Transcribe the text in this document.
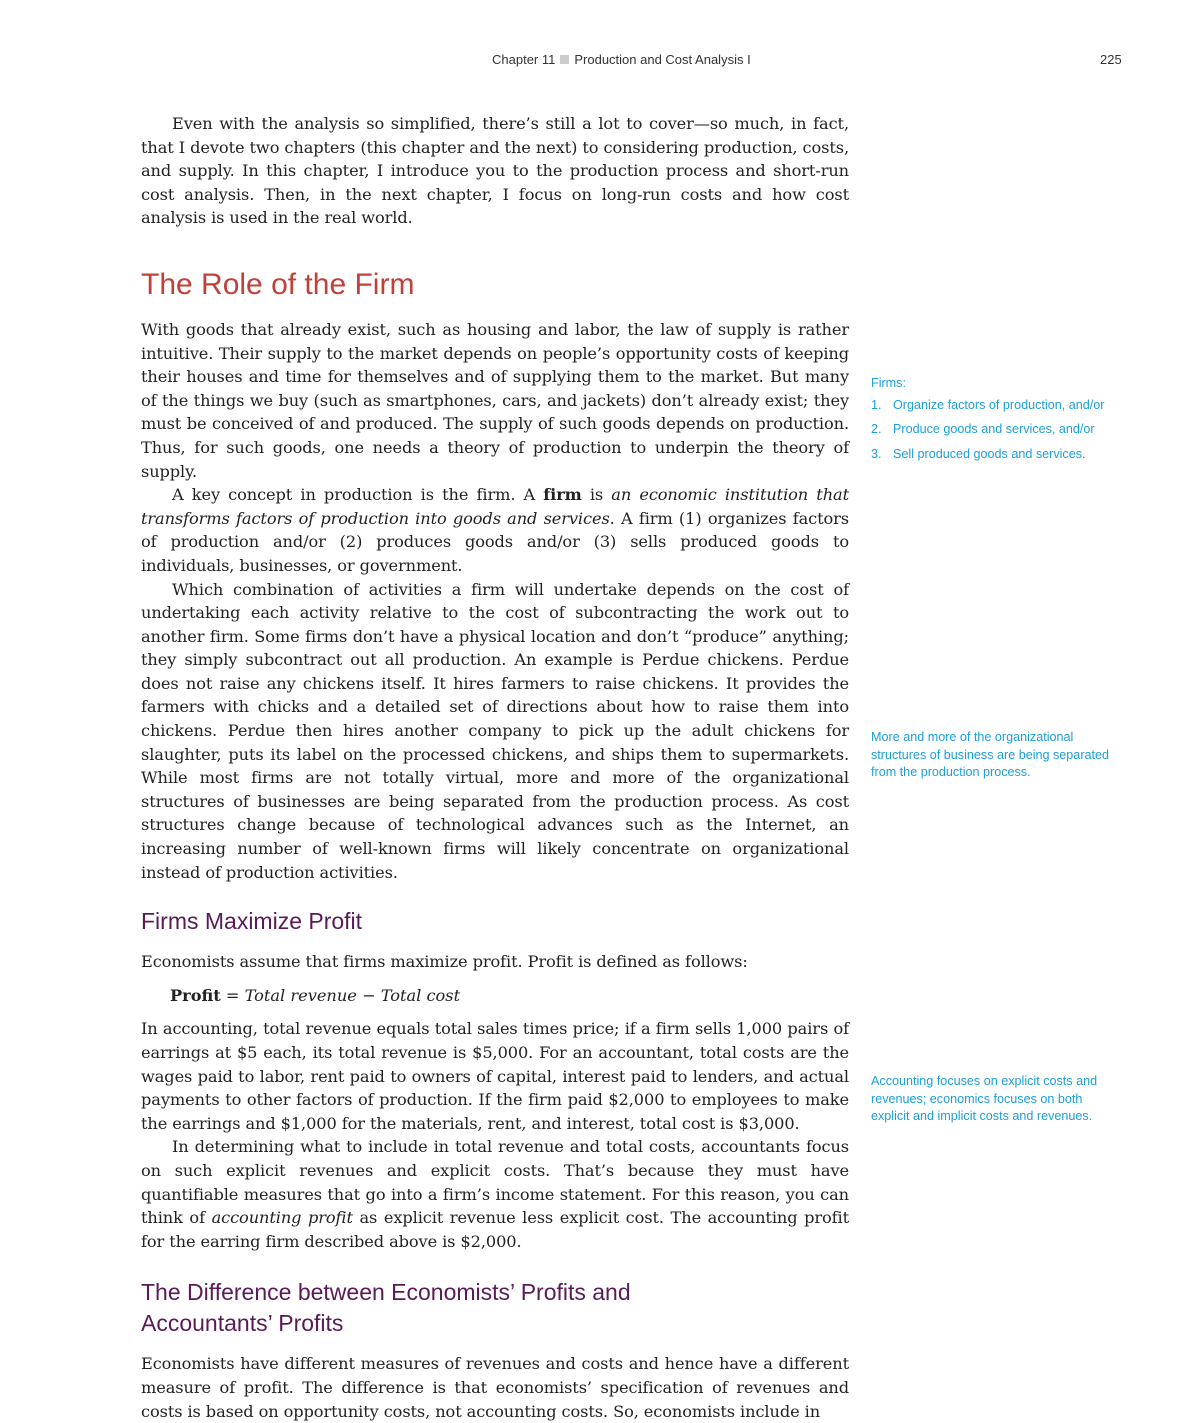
Chapter 11 Production and Cost Analysis I	225

Even with the analysis so simplified, there’s still a lot to cover—so much, in fact, that I devote two chapters (this chapter and the next) to considering production, costs, and supply. In this chapter, I introduce you to the production process and short-run cost analysis. Then, in the next chapter, I focus on long-run costs and how cost analysis is used in the real world.

The Role of the Firm

With goods that already exist, such as housing and labor, the law of supply is rather intuitive. Their supply to the market depends on people’s opportunity costs of keeping their houses and time for themselves and of supplying them to the market. But many of the things we buy (such as smartphones, cars, and jackets) don’t already exist; they must be conceived of and produced. The supply of such goods depends on production. Thus, for such goods, one needs a theory of production to underpin the theory of supply.

A key concept in production is the firm. A firm is an economic institution that transforms factors of production into goods and services. A firm (1) organizes factors of production and/or (2) produces goods and/or (3) sells produced goods to individuals, businesses, or government.

Which combination of activities a firm will undertake depends on the cost of undertaking each activity relative to the cost of subcontracting the work out to another firm. Some firms don’t have a physical location and don’t “produce” anything; they simply subcontract out all production. An example is Perdue chickens. Perdue does not raise any chickens itself. It hires farmers to raise chickens. It provides the farmers with chicks and a detailed set of directions about how to raise them into chickens. Perdue then hires another company to pick up the adult chickens for slaughter, puts its label on the processed chickens, and ships them to supermarkets. While most firms are not totally virtual, more and more of the organizational structures of businesses are being separated from the production process. As cost structures change because of technological advances such as the Internet, an increasing number of well-known firms will likely concentrate on organizational instead of production activities.

Firms Maximize Profit

Economists assume that firms maximize profit. Profit is defined as follows:

Profit = Total revenue − Total cost

In accounting, total revenue equals total sales times price; if a firm sells 1,000 pairs of earrings at $5 each, its total revenue is $5,000. For an accountant, total costs are the wages paid to labor, rent paid to owners of capital, interest paid to lenders, and actual payments to other factors of production. If the firm paid $2,000 to employees to make the earrings and $1,000 for the materials, rent, and interest, total cost is $3,000.

In determining what to include in total revenue and total costs, accountants focus on such explicit revenues and explicit costs. That’s because they must have quantifiable measures that go into a firm’s income statement. For this reason, you can think of accounting profit as explicit revenue less explicit cost. The accounting profit for the earring firm described above is $2,000.

The Difference between Economists’ Profits and
Accountants’ Profits

Economists have different measures of revenues and costs and hence have a different measure of profit. The difference is that economists’ specification of revenues and costs is based on opportunity costs, not accounting costs. So, economists include in

Firms:
1. Organize factors of production, and/or
2. Produce goods and services, and/or
3. Sell produced goods and services.
More and more of the organizational structures of business are being separated from the production process.
Accounting focuses on explicit costs and revenues; economics focuses on both explicit and implicit costs and revenues.
